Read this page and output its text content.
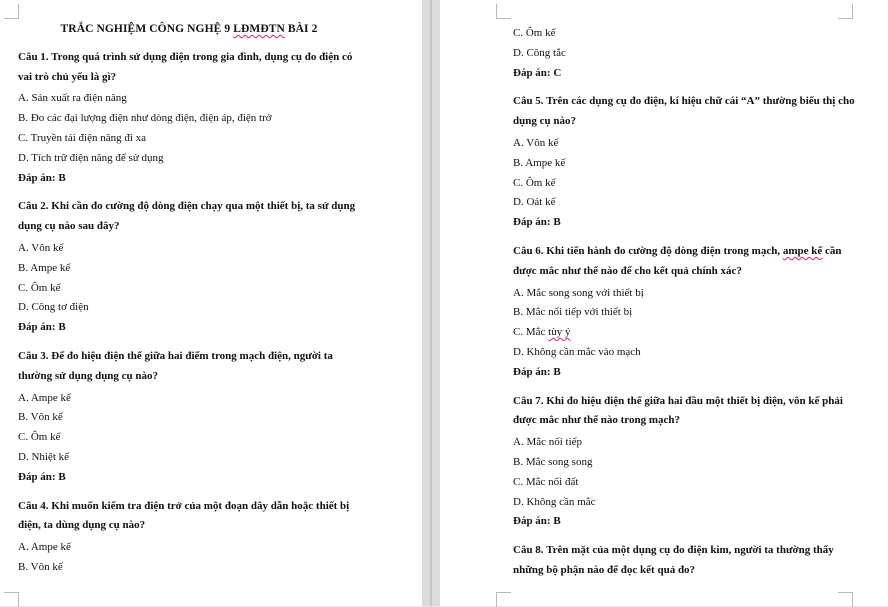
TRẮC NGHIỆM CÔNG NGHỆ 9 LĐMĐTN BÀI 2
Câu 1. Trong quá trình sử dụng điện trong gia đình, dụng cụ đo điện có vai trò chủ yếu là gì?
A. Sản xuất ra điện năng
B. Đo các đại lượng điện như dòng điện, điện áp, điện trở
C. Truyền tải điện năng đi xa
D. Tích trữ điện năng để sử dụng
Đáp án: B
Câu 2. Khi cần đo cường độ dòng điện chạy qua một thiết bị, ta sử dụng dụng cụ nào sau đây?
A. Vôn kế
B. Ampe kế
C. Ôm kế
D. Công tơ điện
Đáp án: B
Câu 3. Để đo hiệu điện thế giữa hai điểm trong mạch điện, người ta thường sử dụng dụng cụ nào?
A. Ampe kế
B. Vôn kế
C. Ôm kế
D. Nhiệt kế
Đáp án: B
Câu 4. Khi muốn kiểm tra điện trở của một đoạn dây dẫn hoặc thiết bị điện, ta dùng dụng cụ nào?
A. Ampe kế
B. Vôn kế
C. Ôm kế
D. Công tắc
Đáp án: C
Câu 5. Trên các dụng cụ đo điện, kí hiệu chữ cái “A” thường biểu thị cho dụng cụ nào?
A. Vôn kế
B. Ampe kế
C. Ôm kế
D. Oát kế
Đáp án: B
Câu 6. Khi tiến hành đo cường độ dòng điện trong mạch, ampe kế cần được mắc như thế nào để cho kết quả chính xác?
A. Mắc song song với thiết bị
B. Mắc nối tiếp với thiết bị
C. Mắc tùy ý
D. Không cần mắc vào mạch
Đáp án: B
Câu 7. Khi đo hiệu điện thế giữa hai đầu một thiết bị điện, vôn kế phải được mắc như thế nào trong mạch?
A. Mắc nối tiếp
B. Mắc song song
C. Mắc nối đất
D. Không cần mắc
Đáp án: B
Câu 8. Trên mặt của một dụng cụ đo điện kim, người ta thường thấy những bộ phận nào để đọc kết quả đo?
